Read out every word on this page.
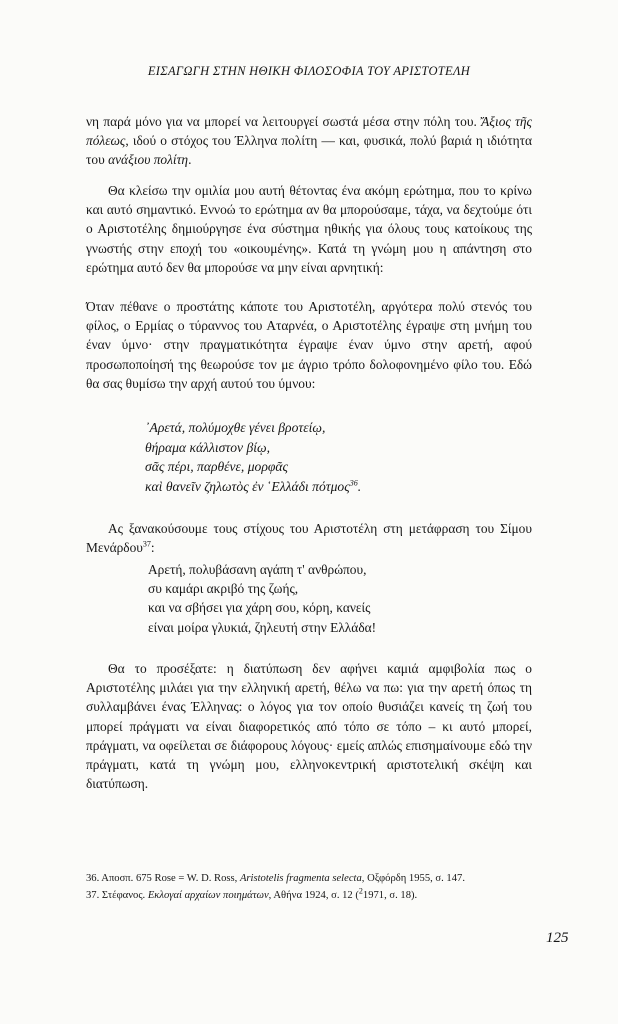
ΕΙΣΑΓΩΓΗ ΣΤΗΝ ΗΘΙΚΗ ΦΙΛΟΣΟΦΙΑ ΤΟΥ ΑΡΙΣΤΟΤΕΛΗ

νη παρά μόνο για να μπορεί να λειτουργεί σωστά μέσα στην πόλη του. Ἄξιος τῆς πόλεως, ιδού ο στόχος του Έλληνα πολίτη — και, φυσικά, πολύ βαριά η ιδιότητα του ανάξιου πολίτη.

Θα κλείσω την ομιλία μου αυτή θέτοντας ένα ακόμη ερώτημα, που το κρίνω και αυτό σημαντικό. Εννοώ το ερώτημα αν θα μπορούσαμε, τάχα, να δεχτούμε ότι ο Αριστοτέλης δημιούργησε ένα σύστημα ηθικής για όλους τους κατοίκους της γνωστής στην εποχή του «οικουμένης». Κατά τη γνώμη μου η απάντηση στο ερώτημα αυτό δεν θα μπορούσε να μην είναι αρνητική:

Όταν πέθανε ο προστάτης κάποτε του Αριστοτέλη, αργότερα πολύ στενός του φίλος, ο Ερμίας ο τύραννος του Αταρνέα, ο Αριστοτέλης έγραψε στη μνήμη του έναν ύμνο· στην πραγματικότητα έγραψε έναν ύμνο στην αρετή, αφού προσωποποίησή της θεωρούσε τον με άγριο τρόπο δολοφονημένο φίλο του. Εδώ θα σας θυμίσω την αρχή αυτού του ύμνου:

᾿Αρετά, πολύμοχθε γένει βροτείῳ,
θήραμα κάλλιστον βίῳ,
σᾶς πέρι, παρθένε, μορφᾶς
καὶ θανεῖν ζηλωτὸς ἐν ῾Ελλάδι πότμος$^{36}$.

Ας ξανακούσουμε τους στίχους του Αριστοτέλη στη μετάφραση του Σίμου Μενάρδου$^{37}$:

Αρετή, πολυβάσανη αγάπη τ' ανθρώπου,
συ καμάρι ακριβό της ζωής,
και να σβήσει για χάρη σου, κόρη, κανείς
είναι μοίρα γλυκιά, ζηλευτή στην Ελλάδα!

Θα το προσέξατε: η διατύπωση δεν αφήνει καμιά αμφιβολία πως ο Αριστοτέλης μιλάει για την ελληνική αρετή, θέλω να πω: για την αρετή όπως τη συλλαμβάνει ένας Έλληνας: ο λόγος για τον οποίο θυσιάζει κανείς τη ζωή του μπορεί πράγματι να είναι διαφορετικός από τόπο σε τόπο – κι αυτό μπορεί, πράγματι, να οφείλεται σε διάφορους λόγους· εμείς απλώς επισημαίνουμε εδώ την πράγματι, κατά τη γνώμη μου, ελληνοκεντρική αριστοτελική σκέψη και διατύπωση.

36. Αποσπ. 675 Rose = W. D. Ross, Aristotelis fragmenta selecta, Οξφόρδη 1955, σ. 147.
37. Στέφανος. Εκλογαί αρχαίων ποιημάτων, Αθήνα 1924, σ. 12 ($^2$1971, σ. 18).
125
